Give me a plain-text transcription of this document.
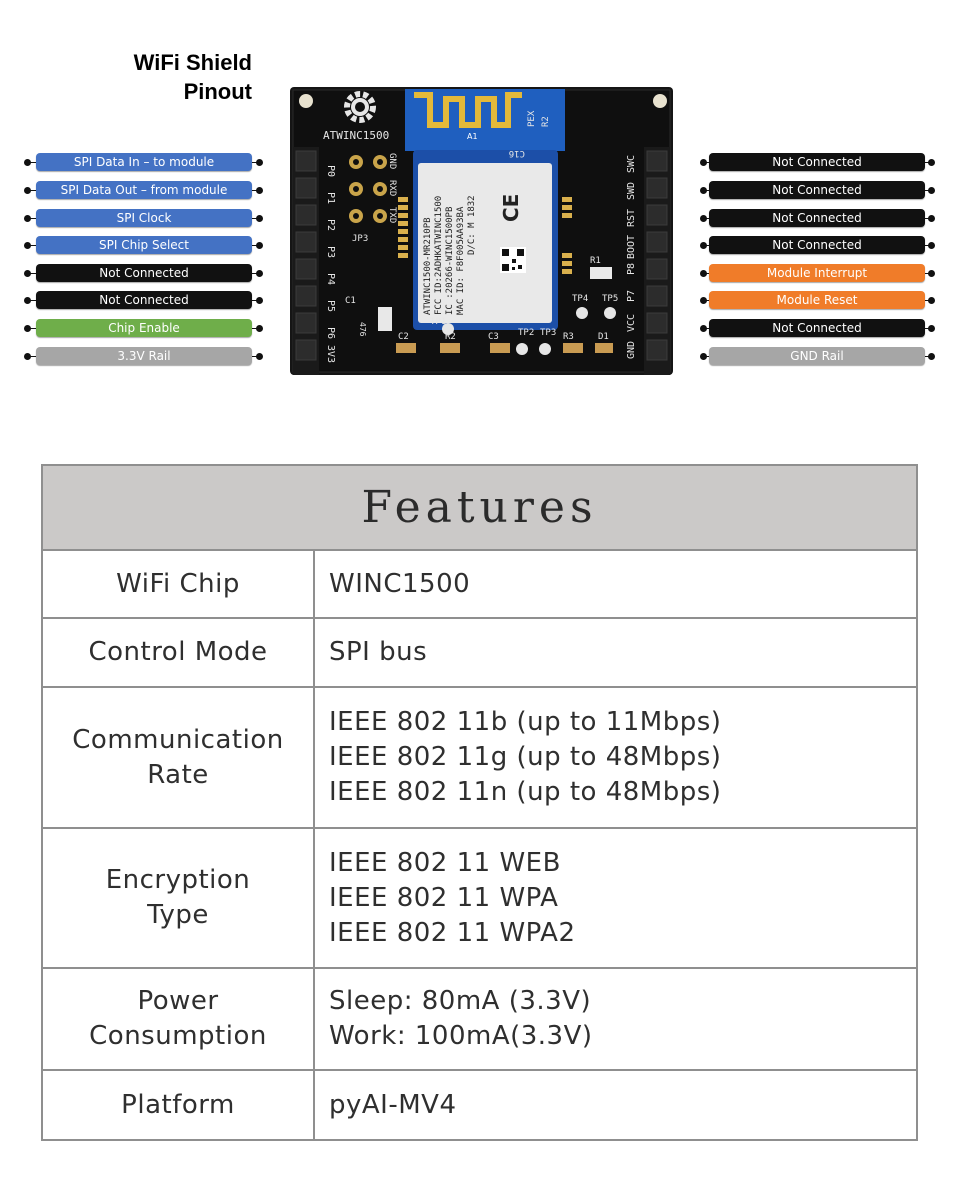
WiFi Shield
Pinout
SPI Data In – to module
SPI Data Out – from module
SPI Clock
SPI Chip Select
Not Connected
Not Connected
Chip Enable
3.3V Rail
Not Connected
Not Connected
Not Connected
Not Connected
Module Interrupt
Module Reset
Not Connected
GND Rail
ATWINC1500	A1
ATWINC1500-MR210PB FCC ID:2ADHKATWINC1500 IC :20266-WINC1500PB MAC ID: F8F005AA93BA D/C: M 1832 CE
P0
P1
P2
P3
P4
P5
P6
3V3
SWC
SWD
RST
BOOT
P8
P7
VCC
GND
GND
RXD
TXD
JP3
C1
C2	C3
R1
R2	R3	D1
TP1
TP2 TP3
TP4 TP5
C16
R2
PEX
476
Features	

WiFi Chip	WINC1500

Control Mode	SPI bus

Communication
Rate	IEEE 802 11b (up to 11Mbps)
IEEE 802 11g (up to 48Mbps)
IEEE 802 11n (up to 48Mbps)

Encryption
Type	IEEE 802 11 WEB
IEEE 802 11 WPA
IEEE 802 11 WPA2

Power
Consumption	Sleep: 80mA (3.3V)
Work: 100mA(3.3V)

Platform	pyAI-MV4
